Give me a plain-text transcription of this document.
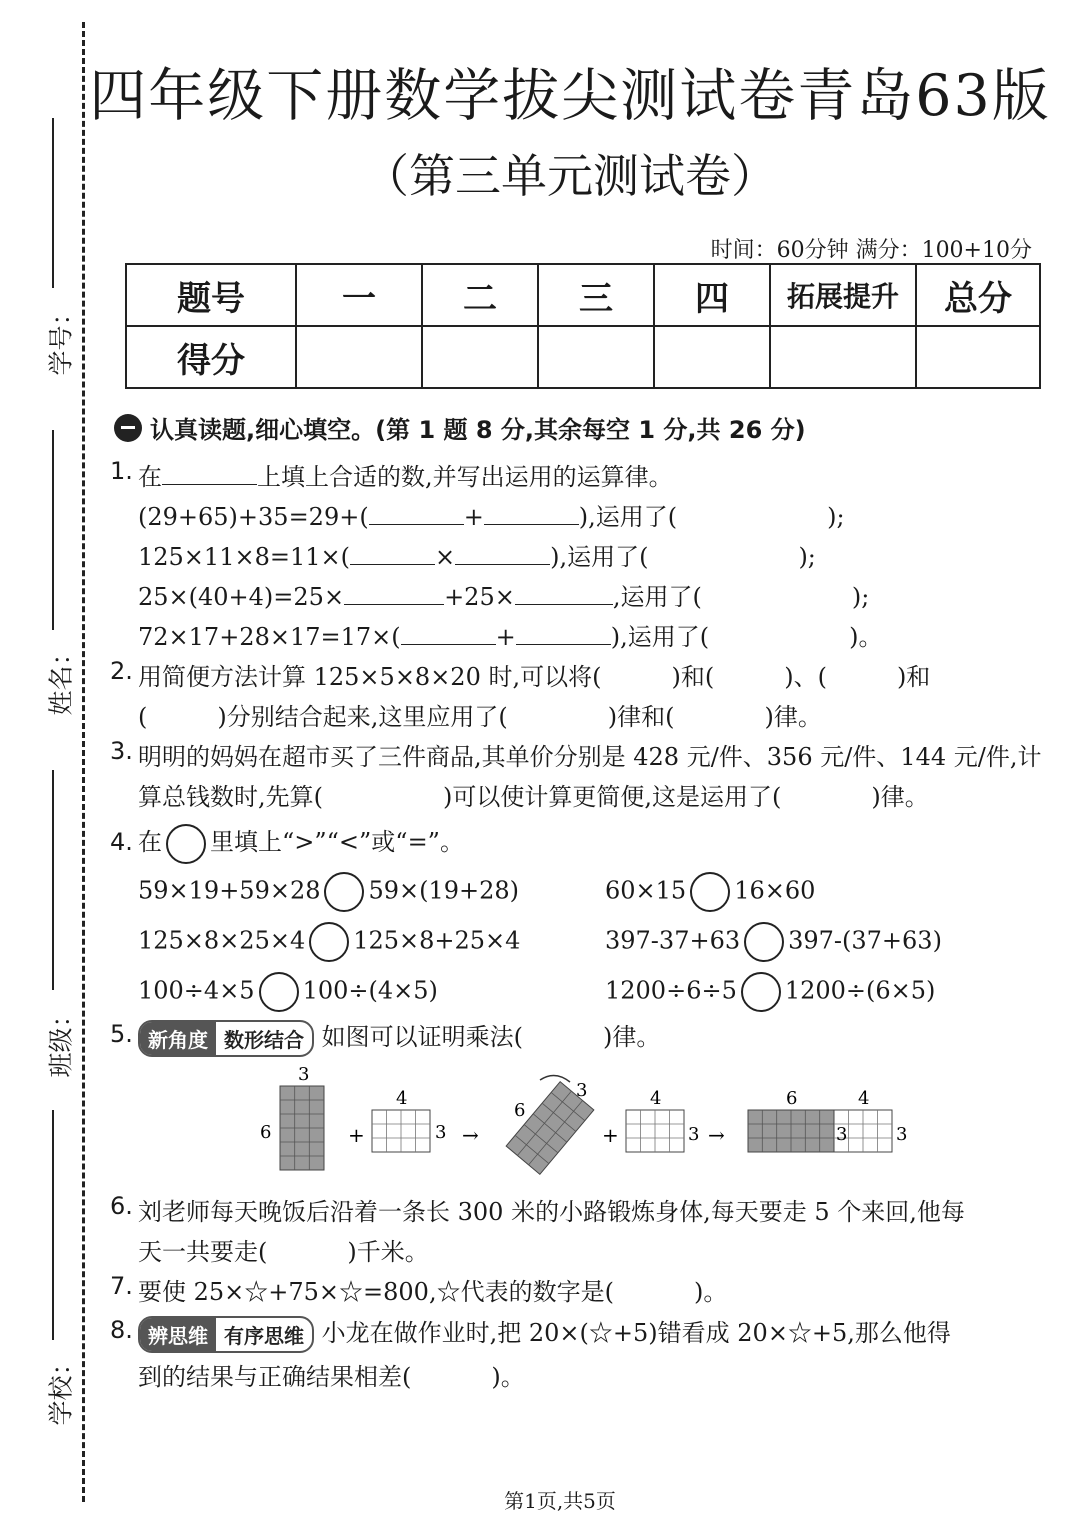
学号：
姓名：
班级：
学校：
四年级下册数学拔尖测试卷青岛63版
（第三单元测试卷）
时间：60分钟 满分：100+10分
题号	一	二	三	四	拓展提升	总分
得分						
认真读题,细心填空。(第 1 题 8 分,其余每空 1 分,共 26 分)
1. 在	上填上合适的数,并写出运用的运算律。
(29+65)+35=29+(	+	),运用了(	);
125×11×8=11×(	×	),运用了(	);
25×(40+4)=25×	+25×	,运用了(	);
72×17+28×17=17×(	+	),运用了(	)。
2. 用简便方法计算 125×5×8×20 时,可以将(	)和(	)、(	)和
(	)分别结合起来,这里应用了(	)律和(	)律。
3. 明明的妈妈在超市买了三件商品,其单价分别是 428 元/件、356 元/件、144 元/件,计
算总钱数时,先算(	)可以使计算更简便,这是运用了(	)律。
4. 在 里填上“>”“<”或“=”。
59×19+59×28 59×(19+28)	60×15 16×60
125×8×25×4 125×8+25×4	397-37+63 397-(37+63)
100÷4×5 100÷(4×5)	1200÷6÷5 1200÷(6×5)
5. 新角度 数形结合 如图可以证明乘法(	)律。
3
6	+
4
3 →
6
3
+
4
3 →
6	4
3	3
6. 刘老师每天晚饭后沿着一条长 300 米的小路锻炼身体,每天要走 5 个来回,他每
天一共要走(	)千米。
7. 要使 25×☆+75×☆=800,☆代表的数字是(	)。
8. 辨思维 有序思维 小龙在做作业时,把 20×(☆+5)错看成 20×☆+5,那么他得
到的结果与正确结果相差(	)。
第1页,共5页
